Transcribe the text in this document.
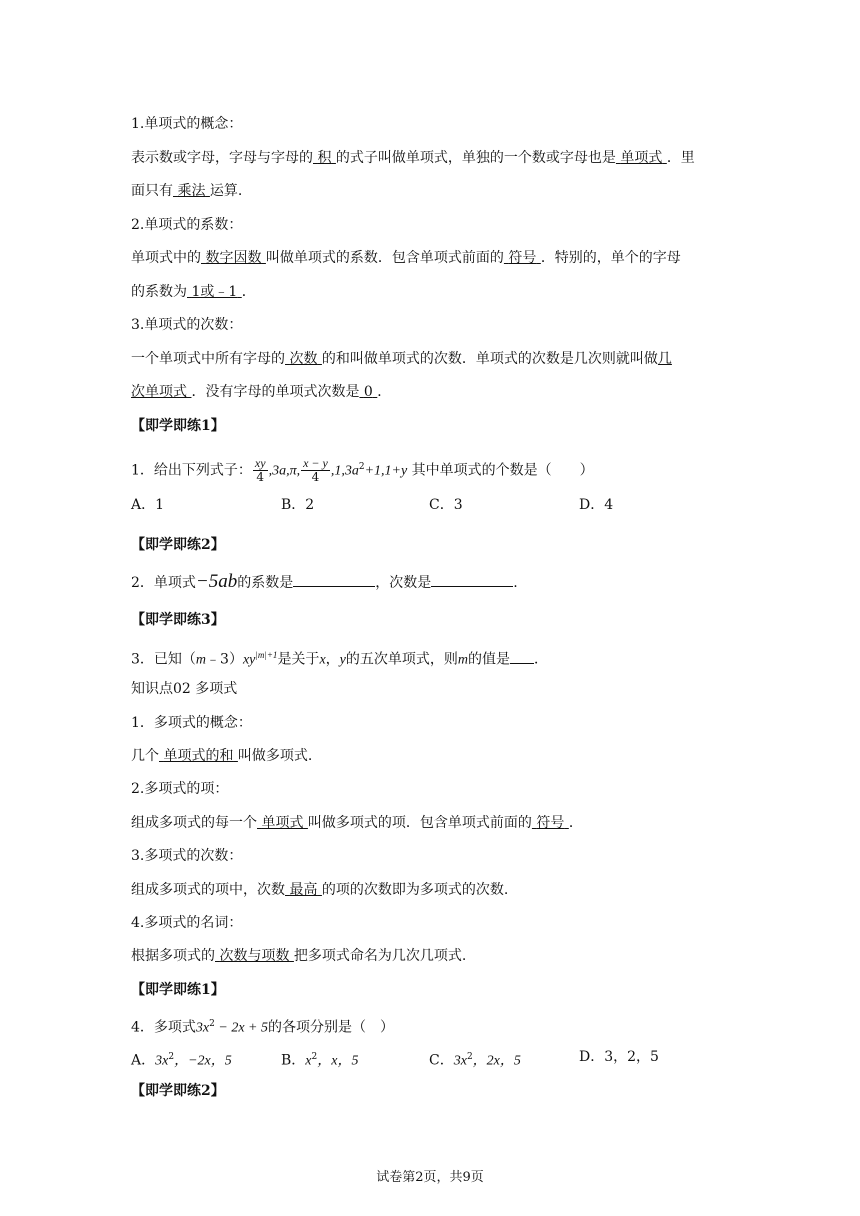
1.单项式的概念：
表示数或字母，字母与字母的 积 的式子叫做单项式，单独的一个数或字母也是 单项式 ．里
面只有 乘法 运算.
2.单项式的系数：
单项式中的 数字因数 叫做单项式的系数．包含单项式前面的 符号 ．特别的，单个的字母
的系数为 1或﹣1 ．
3.单项式的次数：
一个单项式中所有字母的 次数 的和叫做单项式的次数．单项式的次数是几次则就叫做几
次单项式 ．没有字母的单项式次数是 0 ．
【即学即练1】
1．给出下列式子： $\frac{xy}{4} ,3a,\pi$, $\frac{x - y}{4} ,1,3a^2+1,1+y$ 其中单项式的个数是（　　）
A．1	B．2	C．3	D．4
【即学即练2】
2．单项式−5ab的系数是	，次数是	.
【即学即练3】
3．已知$(m﹣3)xy^{|m|+1}$是关于x，y的五次单项式，则m的值是 ．
知识点02 多项式
1．多项式的概念：
几个 单项式的和 叫做多项式.
2.多项式的项：
组成多项式的每一个 单项式 叫做多项式的项．包含单项式前面的 符号 ．
3.多项式的次数：
组成多项式的项中，次数 最高 的项的次数即为多项式的次数.
4.多项式的名词：
根据多项式的 次数与项数 把多项式命名为几次几项式.
【即学即练1】
4．多项式$3x^2 - 2x + 5$的各项分别是（　）
A．$3x^2$，−2x，5	B．$x^2$，x，5	C．$3x^2$，2x，5	D．3，2，5
【即学即练2】
试卷第2页，共9页
